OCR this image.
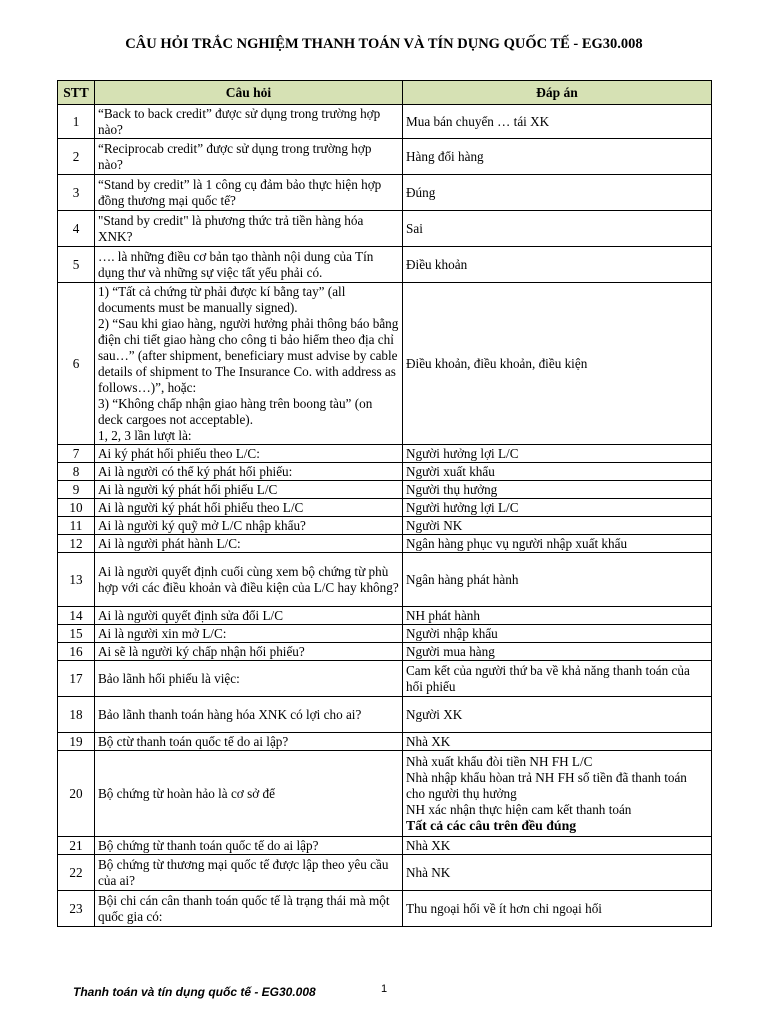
CÂU HỎI TRẮC NGHIỆM THANH TOÁN VÀ TÍN DỤNG QUỐC TẾ - EG30.008
STT	Câu hỏi	Đáp án
1	“Back to back credit” được sử dụng trong trường hợp nào?	Mua bán chuyển … tái XK

2	“Reciprocab credit” được sử dụng trong trường hợp nào?	Hàng đổi hàng

3	“Stand by credit” là 1 công cụ đảm bảo thực hiện hợp đồng thương mại quốc tế?	Đúng

4	"Stand by credit" là phương thức trả tiền hàng hóa XNK?	Sai

5	…. là những điều cơ bản tạo thành nội dung của Tín dụng thư và những sự việc tất yếu phải có.	Điều khoản

6	1) “Tất cả chứng từ phải được kí bằng tay” (all documents must be manually signed).
2) “Sau khi giao hàng, người hưởng phải thông báo bằng điện chi tiết giao hàng cho công ti bảo hiểm theo địa chỉ sau…” (after shipment, beneficiary must advise by cable details of shipment to The Insurance Co. with address as follows…)”, hoặc:
3) “Không chấp nhận giao hàng trên boong tàu” (on deck cargoes not acceptable).
1, 2, 3 lần lượt là:	Điều khoản, điều khoản, điều kiện

7	Ai ký phát hối phiếu theo L/C:	Người hưởng lợi L/C

8	Ai là người có thể ký phát hối phiếu:	Người xuất khẩu

9	Ai là người ký phát hối phiếu L/C	Người thụ hưởng

10	Ai là người ký phát hối phiếu theo L/C	Người hưởng lợi L/C

11	Ai là người ký quỹ mở L/C nhập khẩu?	Người NK

12	Ai là người phát hành L/C:	Ngân hàng phục vụ người nhập xuất khẩu

13	Ai là người quyết định cuối cùng xem bộ chứng từ phù hợp với các điều khoản và điều kiện của L/C hay không?	Ngân hàng phát hành

14	Ai là người quyết định sửa đổi L/C	NH phát hành

15	Ai là người xin mở L/C:	Người nhập khẩu

16	Ai sẽ là người ký chấp nhận hối phiếu?	Người mua hàng

17	Bảo lãnh hối phiếu là việc:	Cam kết của người thứ ba về khả năng thanh toán của hối phiếu

18	Bảo lãnh thanh toán hàng hóa XNK có lợi cho ai?	Người XK

19	Bộ ctừ thanh toán quốc tế do ai lập?	Nhà XK

20	Bộ chứng từ hoàn hảo là cơ sở để	Nhà xuất khẩu đòi tiền NH FH L/C
Nhà nhập khẩu hòan trả NH FH số tiền đã thanh toán cho người thụ hưởng
NH xác nhận thực hiện cam kết thanh toán
Tất cả các câu trên đều đúng

21	Bộ chứng từ thanh toán quốc tế do ai lập?	Nhà XK

22	Bộ chứng từ thương mại quốc tế được lập theo yêu cầu của ai?	Nhà NK

23	Bội chi cán cân thanh toán quốc tế là trạng thái mà một quốc gia có:	Thu ngoại hối về ít hơn chi ngoại hối
Thanh toán và tín dụng quốc tế - EG30.008	1
